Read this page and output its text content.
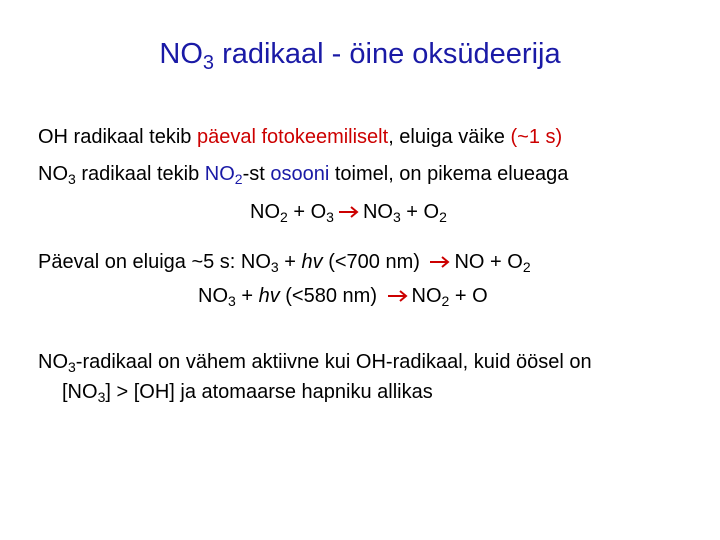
$NO_3$ radikaal - öine oksüdeerija
OH radikaal tekib päeval fotokeemiliselt, eluiga väike (~1 s)
$NO_3$ radikaal tekib $NO_2-st$ osooni toimel, on pikema elueaga
$NO_2 + O_3$ $NO_3 + O_2$
Päeval on eluiga ~5 s: $NO_3$ + hv (<700 nm)
NO + $O_2$
$NO_3$ + hv (<580 nm)
$NO_2 + O$
$NO_3$-radikaal on vähem aktiivne kui OH-radikaal, kuid öösel on
$[NO_3] > [OH]$ ja atomaarse hapniku allikas
